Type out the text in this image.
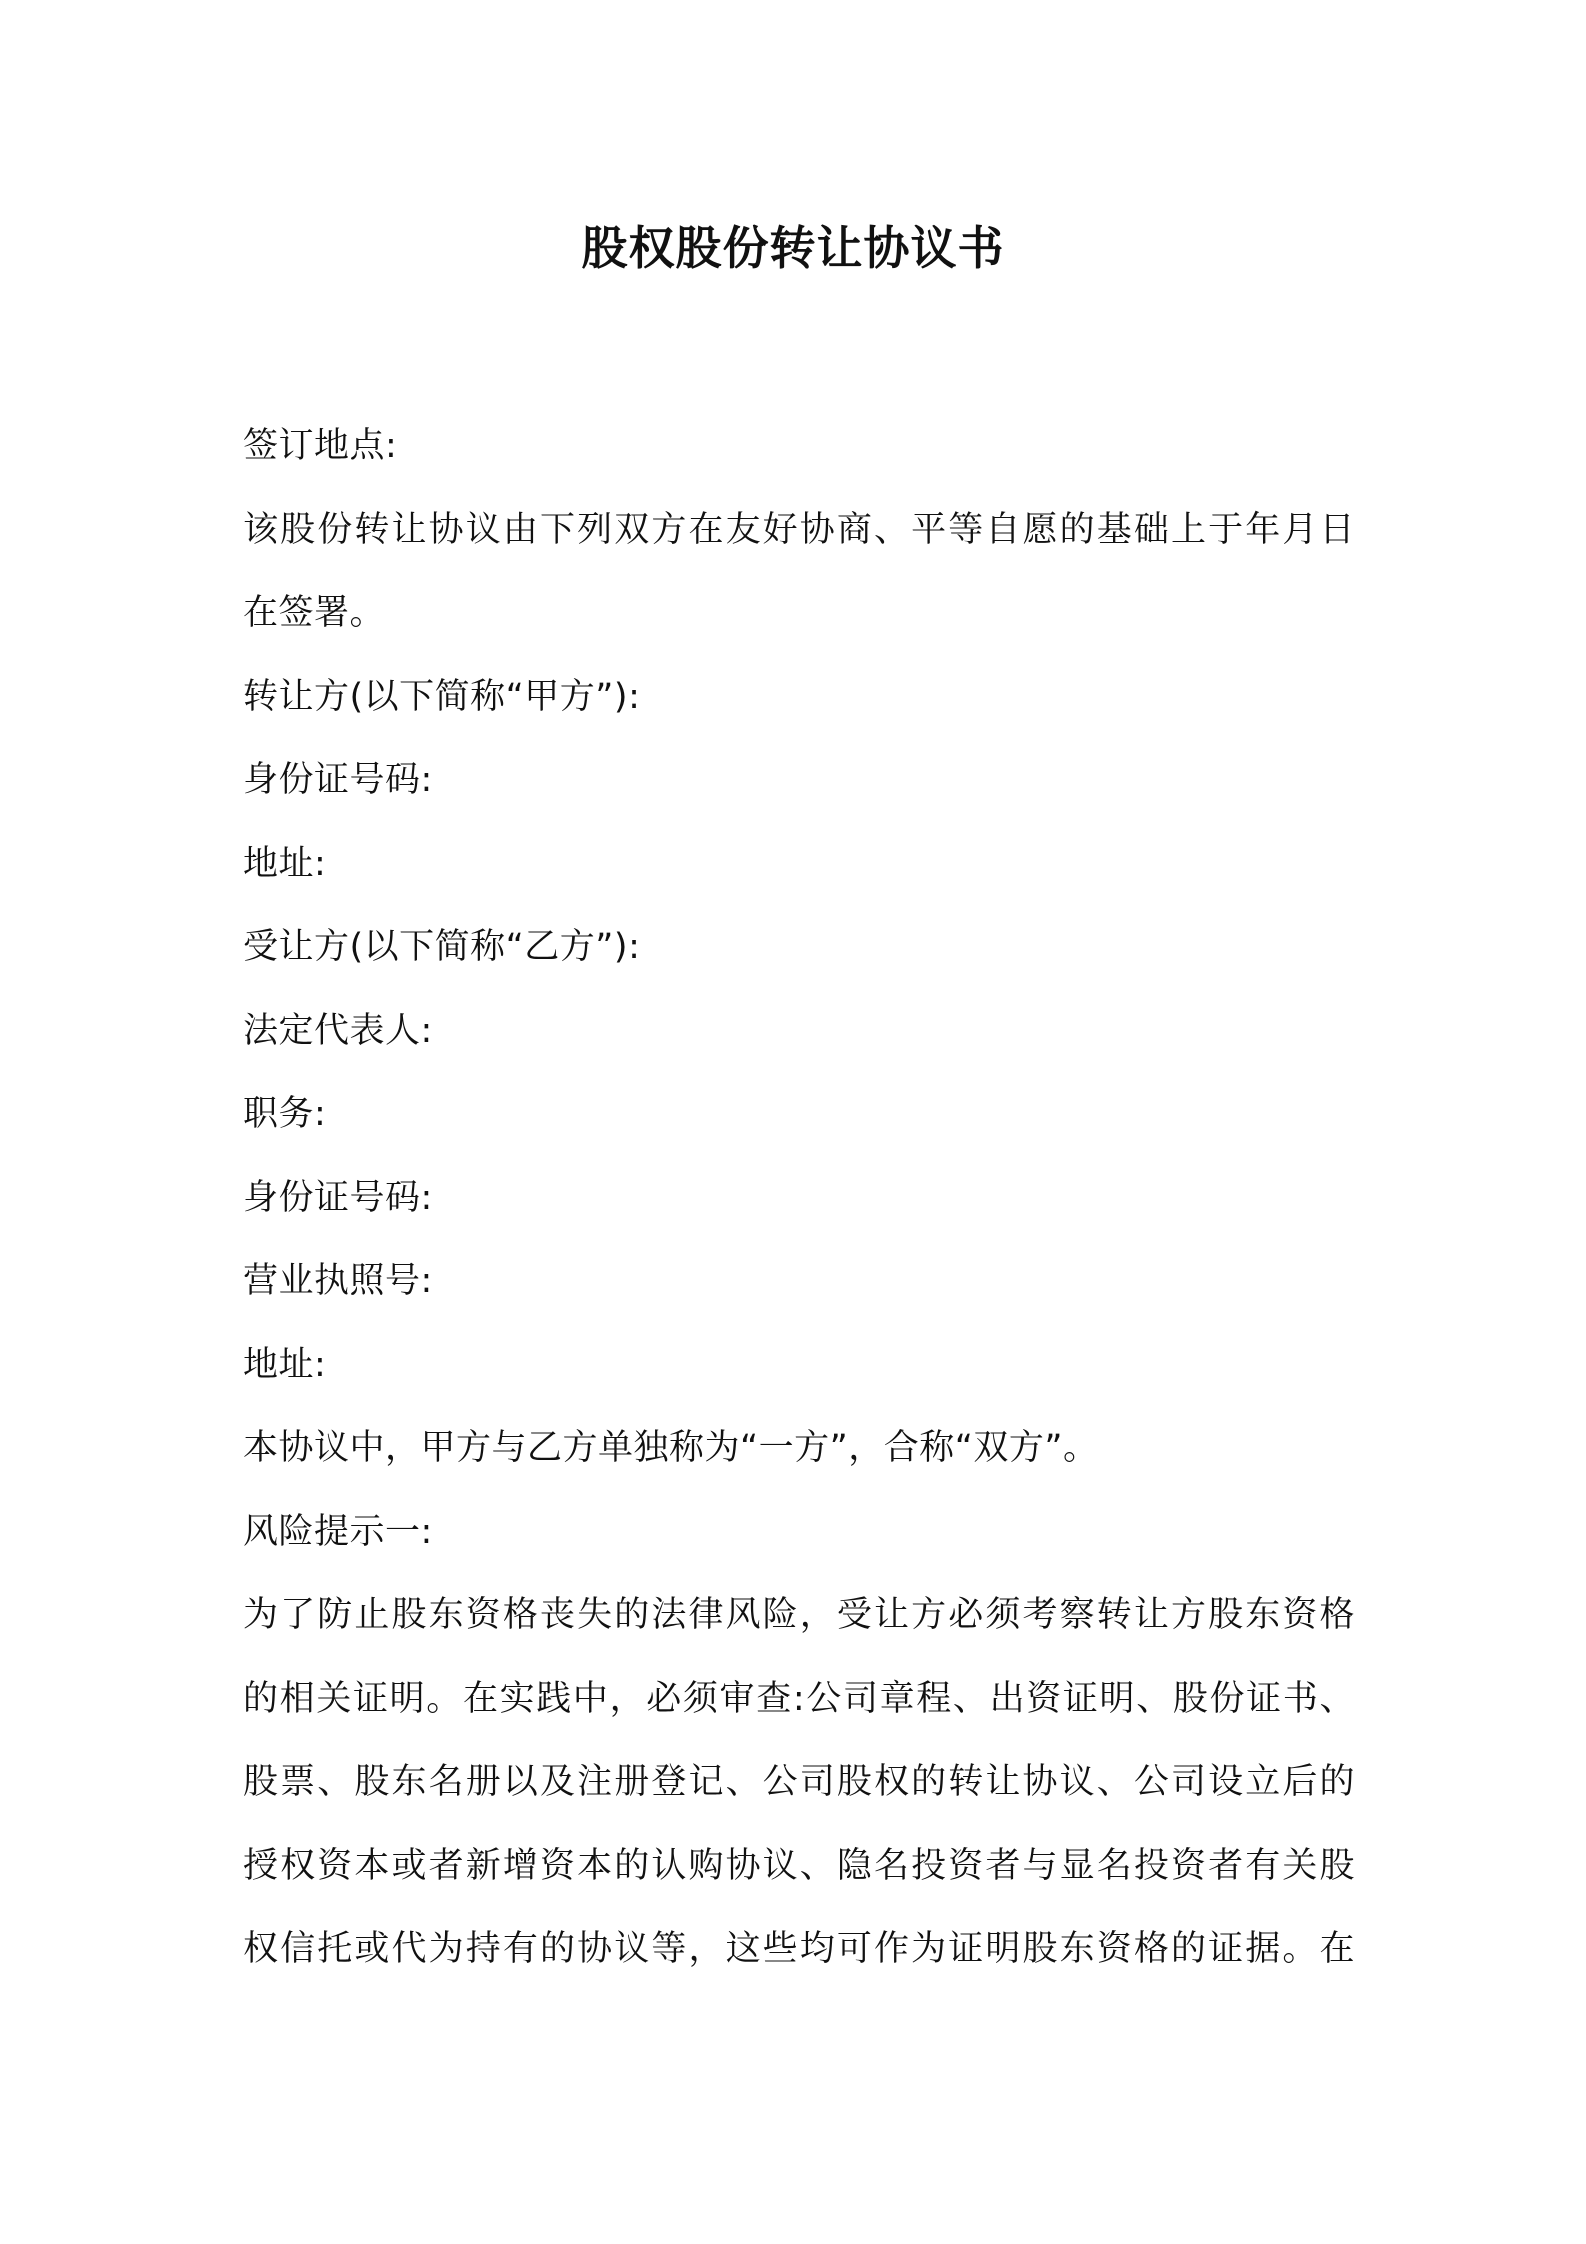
股权股份转让协议书
签订地点:
该股份转让协议由下列双方在友好协商、平等自愿的基础上于年月日
在签署。
转让方(以下简称“甲方”):
身份证号码:
地址:
受让方(以下简称“乙方”):
法定代表人:
职务:
身份证号码:
营业执照号:
地址:
本协议中，甲方与乙方单独称为“一方”，合称“双方”。
风险提示一:
为了防止股东资格丧失的法律风险，受让方必须考察转让方股东资格
的相关证明。在实践中，必须审查:公司章程、出资证明、股份证书、
股票、股东名册以及注册登记、公司股权的转让协议、公司设立后的
授权资本或者新增资本的认购协议、隐名投资者与显名投资者有关股
权信托或代为持有的协议等，这些均可作为证明股东资格的证据。在
